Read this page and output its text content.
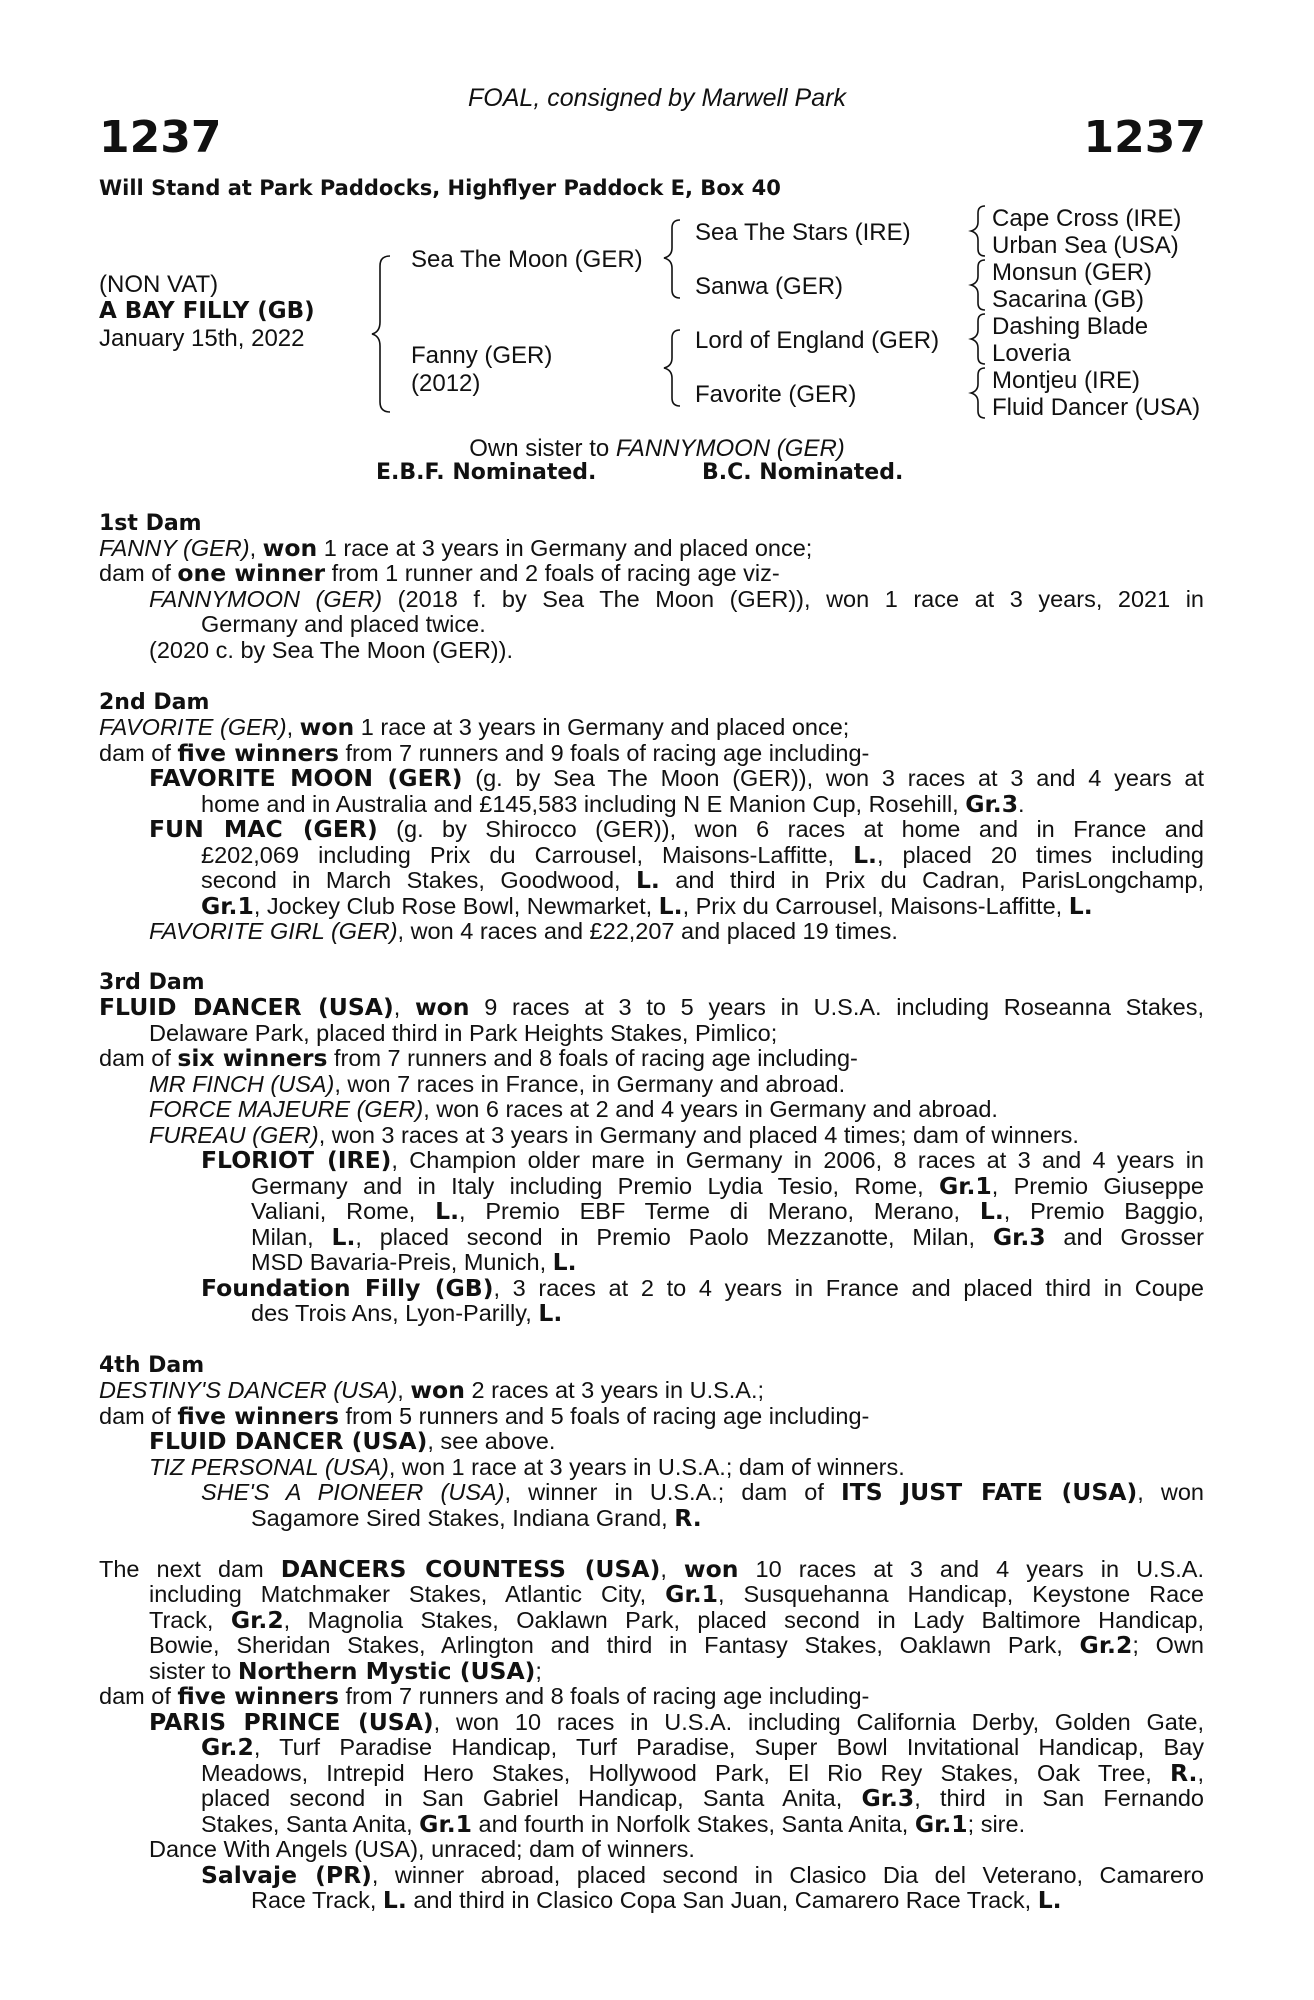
FOAL, consigned by Marwell Park
1237	1237
Will Stand at Park Paddocks, Highflyer Paddock E, Box 40
(NON VAT)
A BAY FILLY (GB)
January 15th, 2022
Sea The Moon (GER)
Fanny (GER)
(2012)
Sea The Stars (IRE)
Sanwa (GER)
Lord of England (GER)
Favorite (GER)
Cape Cross (IRE)
Urban Sea (USA)
Monsun (GER)
Sacarina (GB)
Dashing Blade
Loveria
Montjeu (IRE)
Fluid Dancer (USA)
Own sister to FANNYMOON (GER)
E.B.F. Nominated.	B.C. Nominated.
1st Dam
FANNY (GER), won 1 race at 3 years in Germany and placed once;
dam of one winner from 1 runner and 2 foals of racing age viz-
FANNYMOON (GER) (2018 f. by Sea The Moon (GER)), won 1 race at 3 years, 2021 in
Germany and placed twice.
(2020 c. by Sea The Moon (GER)).
2nd Dam
FAVORITE (GER), won 1 race at 3 years in Germany and placed once;
dam of five winners from 7 runners and 9 foals of racing age including-
FAVORITE MOON (GER) (g. by Sea The Moon (GER)), won 3 races at 3 and 4 years at
home and in Australia and £145,583 including N E Manion Cup, Rosehill, Gr.3.
FUN MAC (GER) (g. by Shirocco (GER)), won 6 races at home and in France and
£202,069 including Prix du Carrousel, Maisons-Laffitte, L., placed 20 times including
second in March Stakes, Goodwood, L. and third in Prix du Cadran, ParisLongchamp,
Gr.1, Jockey Club Rose Bowl, Newmarket, L., Prix du Carrousel, Maisons-Laffitte, L.
FAVORITE GIRL (GER), won 4 races and £22,207 and placed 19 times.
3rd Dam
FLUID DANCER (USA), won 9 races at 3 to 5 years in U.S.A. including Roseanna Stakes,
Delaware Park, placed third in Park Heights Stakes, Pimlico;
dam of six winners from 7 runners and 8 foals of racing age including-
MR FINCH (USA), won 7 races in France, in Germany and abroad.
FORCE MAJEURE (GER), won 6 races at 2 and 4 years in Germany and abroad.
FUREAU (GER), won 3 races at 3 years in Germany and placed 4 times; dam of winners.
FLORIOT (IRE), Champion older mare in Germany in 2006, 8 races at 3 and 4 years in
Germany and in Italy including Premio Lydia Tesio, Rome, Gr.1, Premio Giuseppe
Valiani, Rome, L., Premio EBF Terme di Merano, Merano, L., Premio Baggio,
Milan, L., placed second in Premio Paolo Mezzanotte, Milan, Gr.3 and Grosser
MSD Bavaria-Preis, Munich, L.
Foundation Filly (GB), 3 races at 2 to 4 years in France and placed third in Coupe
des Trois Ans, Lyon-Parilly, L.
4th Dam
DESTINY'S DANCER (USA), won 2 races at 3 years in U.S.A.;
dam of five winners from 5 runners and 5 foals of racing age including-
FLUID DANCER (USA), see above.
TIZ PERSONAL (USA), won 1 race at 3 years in U.S.A.; dam of winners.
SHE'S A PIONEER (USA), winner in U.S.A.; dam of ITS JUST FATE (USA), won
Sagamore Sired Stakes, Indiana Grand, R.
The next dam DANCERS COUNTESS (USA), won 10 races at 3 and 4 years in U.S.A.
including Matchmaker Stakes, Atlantic City, Gr.1, Susquehanna Handicap, Keystone Race
Track, Gr.2, Magnolia Stakes, Oaklawn Park, placed second in Lady Baltimore Handicap,
Bowie, Sheridan Stakes, Arlington and third in Fantasy Stakes, Oaklawn Park, Gr.2; Own
sister to Northern Mystic (USA);
dam of five winners from 7 runners and 8 foals of racing age including-
PARIS PRINCE (USA), won 10 races in U.S.A. including California Derby, Golden Gate,
Gr.2, Turf Paradise Handicap, Turf Paradise, Super Bowl Invitational Handicap, Bay
Meadows, Intrepid Hero Stakes, Hollywood Park, El Rio Rey Stakes, Oak Tree, R.,
placed second in San Gabriel Handicap, Santa Anita, Gr.3, third in San Fernando
Stakes, Santa Anita, Gr.1 and fourth in Norfolk Stakes, Santa Anita, Gr.1; sire.
Dance With Angels (USA), unraced; dam of winners.
Salvaje (PR), winner abroad, placed second in Clasico Dia del Veterano, Camarero
Race Track, L. and third in Clasico Copa San Juan, Camarero Race Track, L.
